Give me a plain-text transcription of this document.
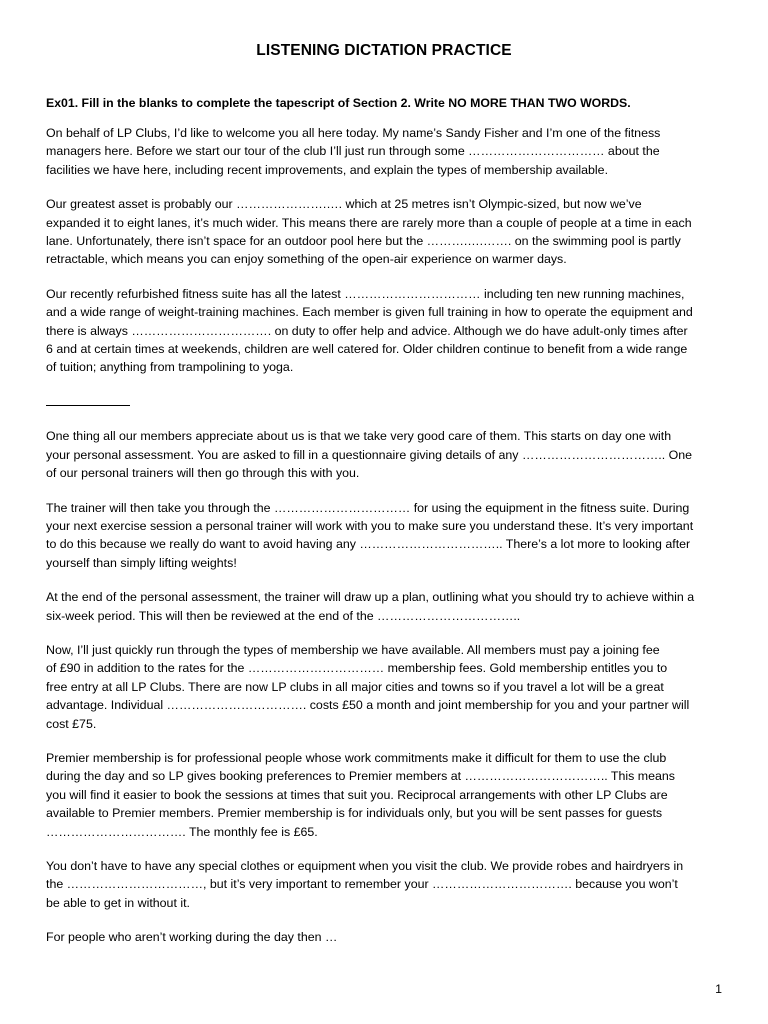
LISTENING DICTATION PRACTICE

Ex01. Fill in the blanks to complete the tapescript of Section 2. Write NO MORE THAN TWO WORDS.

On behalf of LP Clubs, I’d like to welcome you all here today. My name’s Sandy Fisher and I’m one of the fitness
managers here. Before we start our tour of the club I’ll just run through some …………………………… about the
facilities we have here, including recent improvements, and explain the types of membership available.

Our greatest asset is probably our ………………….…. which at 25 metres isn’t Olympic-sized, but now we’ve
expanded it to eight lanes, it’s much wider. This means there are rarely more than a couple of people at a time in each
lane. Unfortunately, there isn’t space for an outdoor pool here but the ……….….……. on the swimming pool is partly
retractable, which means you can enjoy something of the open-air experience on warmer days.

Our recently refurbished fitness suite has all the latest …………………………… including ten new running machines,
and a wide range of weight-training machines. Each member is given full training in how to operate the equipment and
there is always ……………………………. on duty to offer help and advice. Although we do have adult-only times after
6 and at certain times at weekends, children are well catered for. Older children continue to benefit from a wide range
of tuition; anything from trampolining to yoga.

One thing all our members appreciate about us is that we take very good care of them. This starts on day one with
your personal assessment. You are asked to fill in a questionnaire giving details of any …………………………….. One
of our personal trainers will then go through this with you.

The trainer will then take you through the …………………………… for using the equipment in the fitness suite. During
your next exercise session a personal trainer will work with you to make sure you understand these. It’s very important
to do this because we really do want to avoid having any …………………………….. There’s a lot more to looking after
yourself than simply lifting weights!

At the end of the personal assessment, the trainer will draw up a plan, outlining what you should try to achieve within a
six-week period. This will then be reviewed at the end of the ……………………………..

Now, I’ll just quickly run through the types of membership we have available. All members must pay a joining fee
of £90 in addition to the rates for the …………………………… membership fees. Gold membership entitles you to
free entry at all LP Clubs. There are now LP clubs in all major cities and towns so if you travel a lot will be a great
advantage. Individual ……………………………. costs £50 a month and joint membership for you and your partner will
cost £75.

Premier membership is for professional people whose work commitments make it difficult for them to use the club
during the day and so LP gives booking preferences to Premier members at …………………………….. This means
you will find it easier to book the sessions at times that suit you. Reciprocal arrangements with other LP Clubs are
available to Premier members. Premier membership is for individuals only, but you will be sent passes for guests
……………………………. The monthly fee is £65.

You don’t have to have any special clothes or equipment when you visit the club. We provide robes and hairdryers in
the ……………………………, but it’s very important to remember your ……………………………. because you won’t
be able to get in without it.

For people who aren’t working during the day then …

1
